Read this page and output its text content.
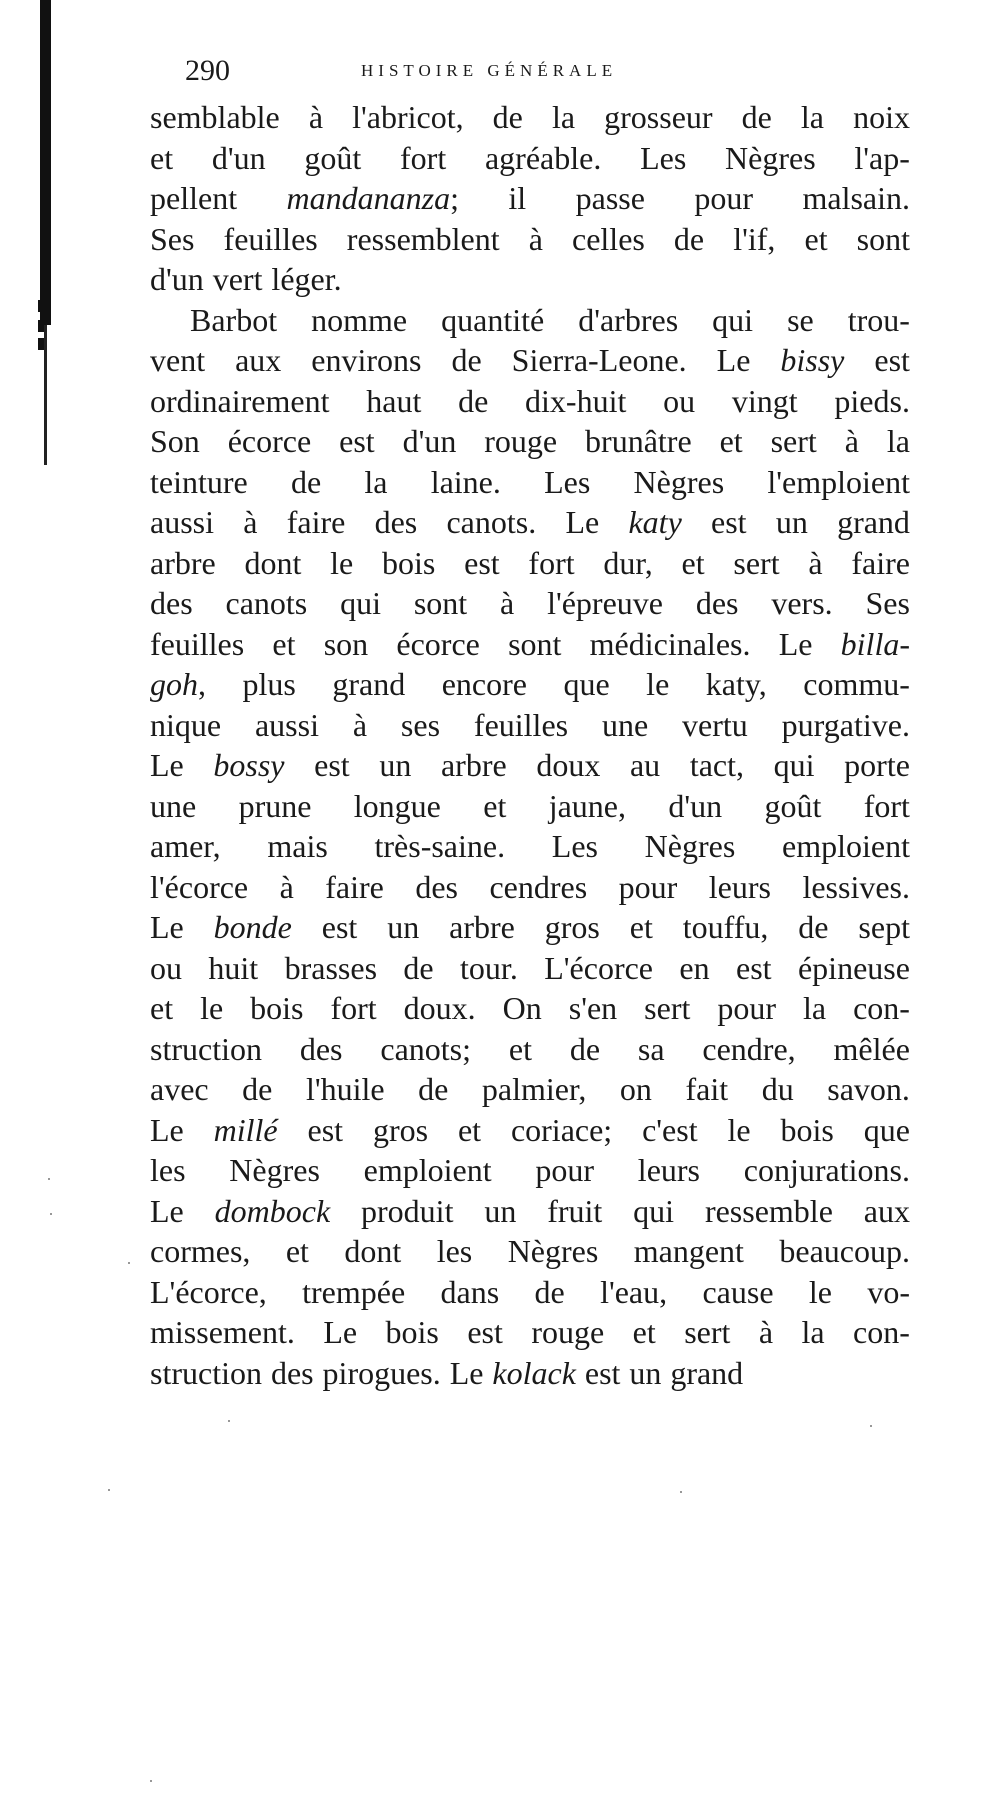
290	HISTOIRE GÉNÉRALE
semblable à l'abricot, de la grosseur de la noix
et d'un goût fort agréable. Les Nègres l'ap-
pellent mandananza; il passe pour malsain.
Ses feuilles ressemblent à celles de l'if, et sont
d'un vert léger.
Barbot nomme quantité d'arbres qui se trou-
vent aux environs de Sierra-Leone. Le bissy est
ordinairement haut de dix-huit ou vingt pieds.
Son écorce est d'un rouge brunâtre et sert à la
teinture de la laine. Les Nègres l'emploient
aussi à faire des canots. Le katy est un grand
arbre dont le bois est fort dur, et sert à faire
des canots qui sont à l'épreuve des vers. Ses
feuilles et son écorce sont médicinales. Le billa-
goh, plus grand encore que le katy, commu-
nique aussi à ses feuilles une vertu purgative.
Le bossy est un arbre doux au tact, qui porte
une prune longue et jaune, d'un goût fort
amer, mais très-saine. Les Nègres emploient
l'écorce à faire des cendres pour leurs lessives.
Le bonde est un arbre gros et touffu, de sept
ou huit brasses de tour. L'écorce en est épineuse
et le bois fort doux. On s'en sert pour la con-
struction des canots; et de sa cendre, mêlée
avec de l'huile de palmier, on fait du savon.
Le millé est gros et coriace; c'est le bois que
les Nègres emploient pour leurs conjurations.
Le dombock produit un fruit qui ressemble aux
cormes, et dont les Nègres mangent beaucoup.
L'écorce, trempée dans de l'eau, cause le vo-
missement. Le bois est rouge et sert à la con-
struction des pirogues. Le kolack est un grand
